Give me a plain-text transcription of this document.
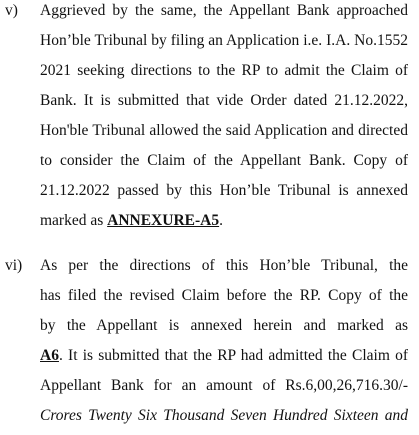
v) Aggrieved by the same, the Appellant Bank approached
Hon’ble Tribunal by filing an Application i.e. I.A. No.1552
2021 seeking directions to the RP to admit the Claim of
Bank. It is submitted that vide Order dated 21.12.2022,
Hon'ble Tribunal allowed the said Application and directed
to consider the Claim of the Appellant Bank. Copy of
21.12.2022 passed by this Hon’ble Tribunal is annexed
marked as ANNEXURE-A5.
vi) As per the directions of this Hon’ble Tribunal, the
has filed the revised Claim before the RP. Copy of the
by the Appellant is annexed herein and marked as
A6. It is submitted that the RP had admitted the Claim of
Appellant Bank for an amount of Rs.6,00,26,716.30/-
Crores Twenty Six Thousand Seven Hundred Sixteen and
